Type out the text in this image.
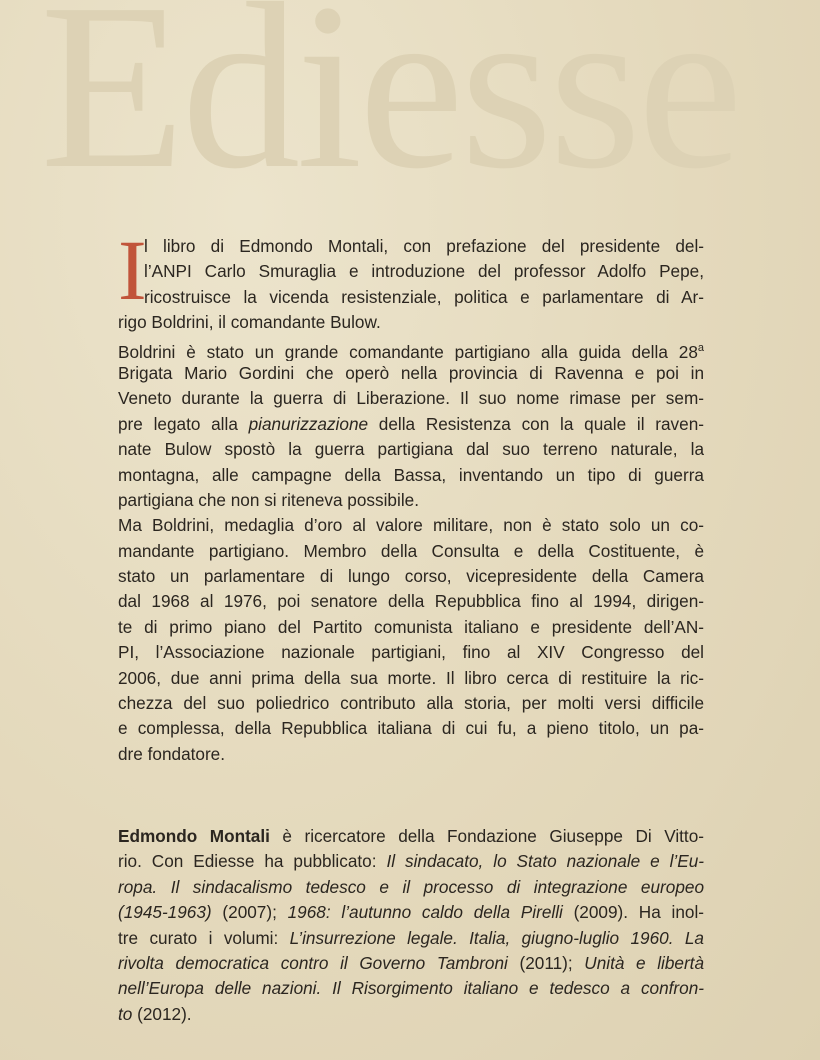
Ediesse
I
l libro di Edmondo Montali, con prefazione del presidente del-
l’ANPI Carlo Smuraglia e introduzione del professor Adolfo Pepe,
ricostruisce la vicenda resistenziale, politica e parlamentare di Ar-
rigo Boldrini, il comandante Bulow.
Boldrini è stato un grande comandante partigiano alla guida della 28$^a$
Brigata Mario Gordini che operò nella provincia di Ravenna e poi in
Veneto durante la guerra di Liberazione. Il suo nome rimase per sem-
pre legato alla pianurizzazione della Resistenza con la quale il raven-
nate Bulow spostò la guerra partigiana dal suo terreno naturale, la
montagna, alle campagne della Bassa, inventando un tipo di guerra
partigiana che non si riteneva possibile.
Ma Boldrini, medaglia d’oro al valore militare, non è stato solo un co-
mandante partigiano. Membro della Consulta e della Costituente, è
stato un parlamentare di lungo corso, vicepresidente della Camera
dal 1968 al 1976, poi senatore della Repubblica fino al 1994, dirigen-
te di primo piano del Partito comunista italiano e presidente dell’AN-
PI, l’Associazione nazionale partigiani, fino al XIV Congresso del
2006, due anni prima della sua morte. Il libro cerca di restituire la ric-
chezza del suo poliedrico contributo alla storia, per molti versi difficile
e complessa, della Repubblica italiana di cui fu, a pieno titolo, un pa-
dre fondatore.
Edmondo Montali è ricercatore della Fondazione Giuseppe Di Vitto-
rio. Con Ediesse ha pubblicato: Il sindacato, lo Stato nazionale e l’Eu-
ropa. Il sindacalismo tedesco e il processo di integrazione europeo
(1945-1963) (2007); 1968: l’autunno caldo della Pirelli (2009). Ha inol-
tre curato i volumi: L’insurrezione legale. Italia, giugno-luglio 1960. La
rivolta democratica contro il Governo Tambroni (2011); Unità e libertà
nell’Europa delle nazioni. Il Risorgimento italiano e tedesco a confron-
to (2012).
